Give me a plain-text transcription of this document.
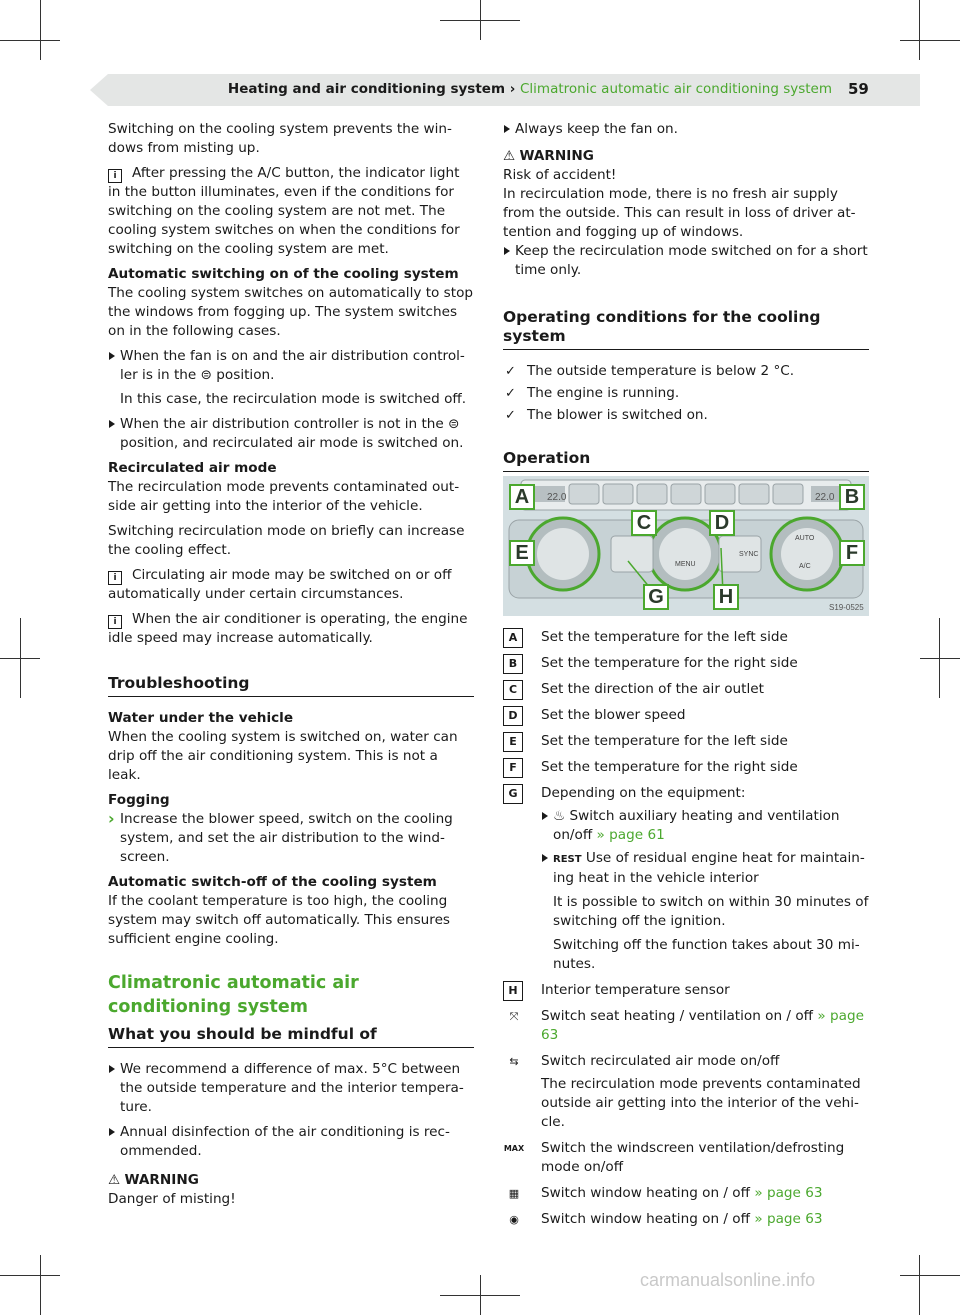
Heating and air conditioning system › Climatronic automatic air conditioning system 59

Switching on the cooling system prevents the win-dows from misting up.

i After pressing the A/C button, the indicator light in the button illuminates, even if the conditions for switching on the cooling system are not met. The cooling system switches on when the conditions for switching on the cooling system are met.

Automatic switching on of the cooling system
The cooling system switches on automatically to stop the windows from fogging up. The system switches on in the following cases.

When the fan is on and the air distribution control-ler is in the ⊜ position.
In this case, the recirculation mode is switched off.
When the air distribution controller is not in the ⊜ position, and recirculated air mode is switched on.

Recirculated air mode
The recirculation mode prevents contaminated out-side air getting into the interior of the vehicle.

Switching recirculation mode on briefly can increase the cooling effect.

i Circulating air mode may be switched on or off automatically under certain circumstances.

i When the air conditioner is operating, the engine idle speed may increase automatically.

Troubleshooting

Water under the vehicle
When the cooling system is switched on, water can drip off the air conditioning system. This is not a leak.

Fogging

› Increase the blower speed, switch on the cooling system, and set the air distribution to the wind-screen.

Automatic switch-off of the cooling system
If the coolant temperature is too high, the cooling system may switch off automatically. This ensures sufficient engine cooling.

Climatronic automatic air conditioning system
What you should be mindful of
We recommend a difference of max. 5°C between the outside temperature and the interior tempera-ture.
Annual disinfection of the air conditioning is rec-ommended.

⚠ WARNING
Danger of misting!

Always keep the fan on.

⚠ WARNING
Risk of accident!
In recirculation mode, there is no fresh air supply from the outside. This can result in loss of driver at-tention and fogging up of windows.

Keep the recirculation mode switched on for a short time only.
Operating conditions for the cooling system
✓ The outside temperature is below 2 °C.
✓ The engine is running.
✓ The blower is switched on.
Operation
22.0	22.0
AUTO
A/C
SYNC
MENU
S19-0525
A	B
C	D
E	F
G	H
A	Set the temperature for the left side
B	Set the temperature for the right side
C	Set the direction of the air outlet
D	Set the blower speed
E	Set the temperature for the left side
F	Set the temperature for the right side
G	Depending on the equipment:
♨ Switch auxiliary heating and ventilation on/off » page 61
REST Use of residual engine heat for maintain-ing heat in the vehicle interior
It is possible to switch on within 30 minutes of switching off the ignition.
Switching off the function takes about 30 mi-nutes.
H	Interior temperature sensor
⤧	Switch seat heating / ventilation on / off » page 63
⇆	Switch recirculated air mode on/off
The recirculation mode prevents contaminated outside air getting into the interior of the vehi-cle.
MAX Switch the windscreen ventilation/defrosting mode on/off
▦	Switch window heating on / off » page 63
◉	Switch window heating on / off » page 63
carmanualsonline.info
